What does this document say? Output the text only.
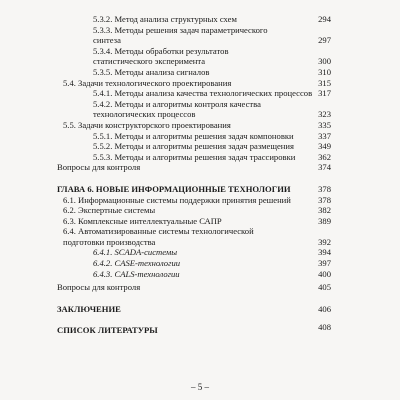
5.3.2. Метод анализа структурных схем	294
5.3.3. Методы решения задач параметрического синтеза	297
5.3.4. Методы обработки результатов статистического эксперимента	300
5.3.5. Методы анализа сигналов	310
5.4. Задачи технологического проектирования	315
5.4.1. Методы анализа качества технологических процессов 317
5.4.2. Методы и алгоритмы контроля качества технологических процессов	323
5.5. Задачи конструкторского проектирования	335
5.5.1. Методы и алгоритмы решения задач компоновки	337
5.5.2. Методы и алгоритмы решения задач размещения	349
5.5.3. Методы и алгоритмы решения задач трассировки	362
Вопросы для контроля	374
ГЛАВА 6. НОВЫЕ ИНФОРМАЦИОННЫЕ ТЕХНОЛОГИИ	378
6.1. Информационные системы поддержки принятия решений	378
6.2. Экспертные системы	382
6.3. Комплексные интеллектуальные САПР	389
6.4. Автоматизированные системы технологической подготовки производства	392
6.4.1. SCADA-системы	394
6.4.2. CASE-технологии	397
6.4.3. CALS-технологии	400
Вопросы для контроля	405
ЗАКЛЮЧЕНИЕ	406
СПИСОК ЛИТЕРАТУРЫ	408
– 5 –
